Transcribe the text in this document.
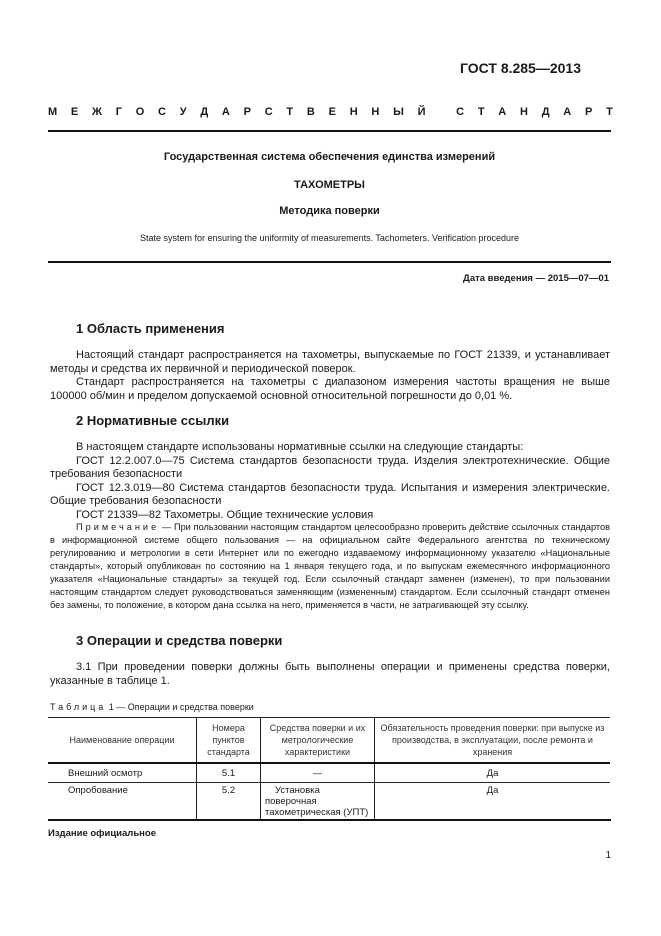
ГОСТ 8.285—2013
М Е Ж Г О С У Д А Р С Т В Е Н Н Ы Й
	С Т А Н Д А Р Т
Государственная система обеспечения единства измерений
ТАХОМЕТРЫ
Методика поверки
State system for ensuring the uniformity of measurements. Tachometers. Verification procedure
Дата введения — 2015—07—01
1 Область применения
Настоящий стандарт распространяется на тахометры, выпускаемые по ГОСТ 21339, и устанавливает методы и средства их первичной и периодической поверок.
Стандарт распространяется на тахометры с диапазоном измерения частоты вращения не выше 100000 об/мин и пределом допускаемой основной относительной погрешности до 0,01 %.
2 Нормативные ссылки
В настоящем стандарте использованы нормативные ссылки на следующие стандарты:
ГОСТ 12.2.007.0—75 Система стандартов безопасности труда. Изделия электротехнические. Общие требования безопасности
ГОСТ 12.3.019—80 Система стандартов безопасности труда. Испытания и измерения электрические. Общие требования безопасности
ГОСТ 21339—82 Тахометры. Общие технические условия
Примечание — При пользовании настоящим стандартом целесообразно проверить действие ссылочных стандартов в информационной системе общего пользования — на официальном сайте Федерального агентства по техническому регулированию и метрологии в сети Интернет или по ежегодно издаваемому информационному указателю «Национальные стандарты», который опубликован по состоянию на 1 января текущего года, и по выпускам ежемесячного информационного указателя «Национальные стандарты» за текущей год. Если ссылочный стандарт заменен (изменен), то при пользовании настоящим стандартом следует руководствоваться заменяющим (измененным) стандартом. Если ссылочный стандарт отменен без замены, то положение, в котором дана ссылка на него, применяется в части, не затрагивающей эту ссылку.
3 Операции и средства поверки
3.1 При проведении поверки должны быть выполнены операции и применены средства поверки, указанные в таблице 1.
Таблица 1 — Операции и средства поверки
Наименование операции	Номера пунктов стандарта	Средства поверки и их метрологические характеристики	Обязательность проведения поверки: при выпуске из производства, в эксплуатации, после ремонта и хранения
Внешний осмотр	5.1	—	Да
Опробование	5.2	Установка поверочная тахометрическая (УПТ)	Да
Издание официальное
1
